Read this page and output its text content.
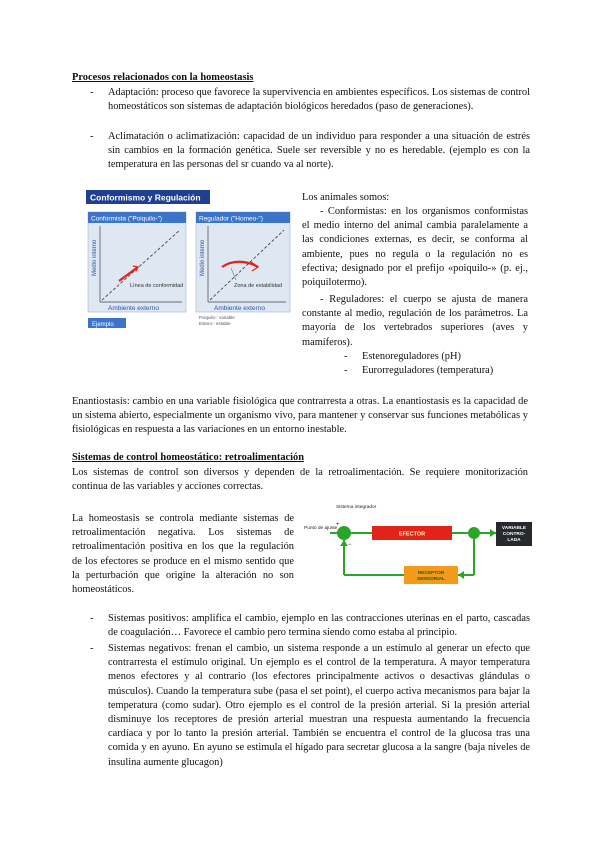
Procesos relacionados con la homeostasis
- Adaptación: proceso que favorece la supervivencia en ambientes específicos. Los sistemas de control homeostáticos son sistemas de adaptación biológicos heredados (paso de generaciones).
- Aclimatación o aclimatización: capacidad de un individuo para responder a una situación de estrés sin cambios en la formación genética. Suele ser reversible y no es heredable. (ejemplo es con la temperatura en las personas del sr cuando va al norte).
Conformismo y Regulación
Conformista ("Poiquilo-")
Medio interno
Línea de conformidad
Ambiente externo
Ejemplo
Regulador ("Homeo-")
Medio interno
Zona de estabilidad
Ambiente externo
Poiquilo-: variable
Estero-: estable
Los animales somos:
- Conformistas: en los organismos conformistas el medio interno del animal cambia paralelamente a las condiciones externas, es decir, se conforma al ambiente, pues no regula o la regulación no es efectiva; designado por el prefijo «poiquilo-» (p. ej., poiquilotermo).
- Reguladores: el cuerpo se ajusta de manera constante al medio, regulación de los parámetros. La mayoría de los vertebrados superiores (aves y mamíferos).
- Estenoreguladores (pH)
- Eurorreguladores (temperatura)
Enantiostasis: cambio en una variable fisiológica que contrarresta a otras. La enantiostasis es la capacidad de un sistema abierto, especialmente un organismo vivo, para mantener y conservar sus funciones metabólicas y fisiológicas en respuesta a las variaciones en un entorno inestable.
Sistemas de control homeostático: retroalimentación
Los sistemas de control son diversos y dependen de la retroalimentación. Se requiere monitorización continua de las variables y acciones correctas.
La homeostasis se controla mediante sistemas de retroalimentación negativa. Los sistemas de retroalimentación positiva en los que la regulación de los efectores se produce en el mismo sentido que la perturbación que origine la alteración no son homeostáticos.
Sistema integrador
Punto de ajuste
+
−
EFECTOR
VARIABLE
CONTRO-
LADA
RECEPTOR
SENSORIAL
- Sistemas positivos: amplifica el cambio, ejemplo en las contracciones uterinas en el parto, cascadas de coagulación… Favorece el cambio pero termina siendo como estaba al principio.
- Sistemas negativos: frenan el cambio, un sistema responde a un estímulo al generar un efecto que contrarresta el estímulo original. Un ejemplo es el control de la temperatura. A mayor temperatura menos efectores y al contrario (los efectores principalmente activos o desactivas glándulas o músculos). Cuando la temperatura sube (pasa el set point), el cuerpo activa mecanismos para bajar la temperatura (como sudar). Otro ejemplo es el control de la presión arterial. Si la presión arterial disminuye los receptores de presión arterial muestran una respuesta aumentando la frecuencia cardíaca y por lo tanto la presión arterial. También se encuentra el control de la glucosa tras una comida y en ayuno. En ayuno se estimula el hígado para secretar glucosa a la sangre (baja niveles de insulina aumente glucagon)
